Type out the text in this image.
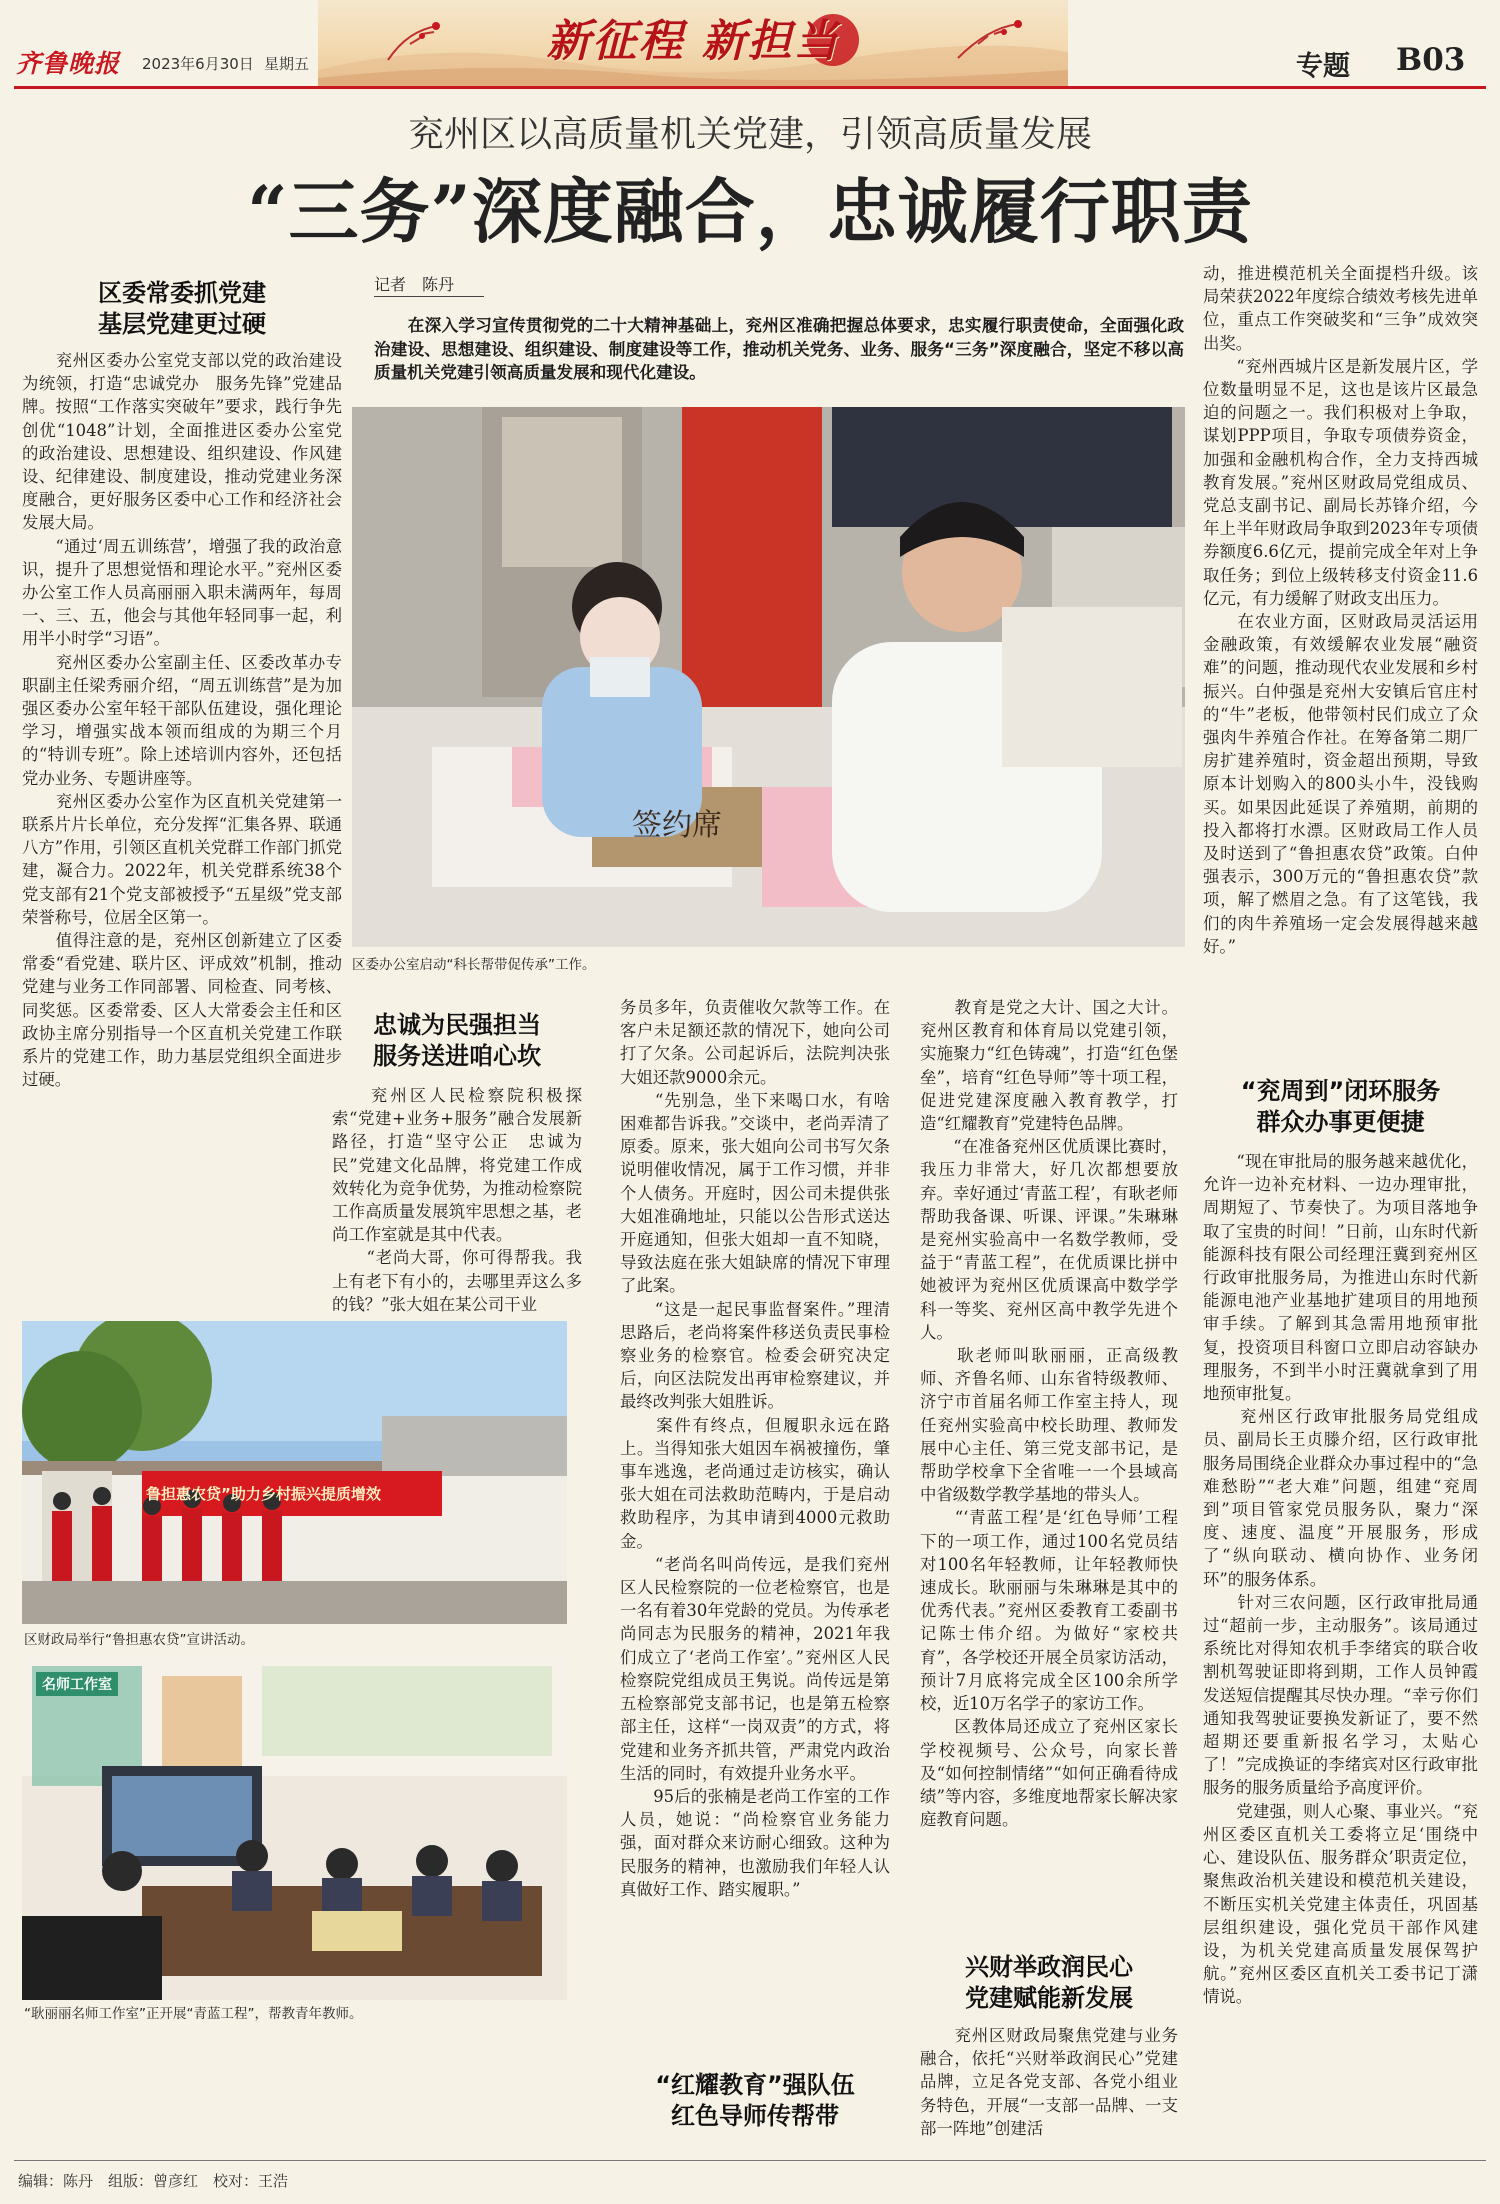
齐鲁晚报 2023年6月30日 星期五	新征程 新担当	专题 B03
兖州区以高质量机关党建，引领高质量发展
“三务”深度融合，忠诚履行职责
区委常委抓党建
基层党建更过硬
　　兖州区委办公室党支部以党的政治建设为统领，打造“忠诚党办　服务先锋”党建品牌。按照“工作落实突破年”要求，践行争先创优“1048”计划，全面推进区委办公室党的政治建设、思想建设、组织建设、作风建设、纪律建设、制度建设，推动党建业务深度融合，更好服务区委中心工作和经济社会发展大局。
　　“通过‘周五训练营’，增强了我的政治意识，提升了思想觉悟和理论水平。”兖州区委办公室工作人员高丽丽入职未满两年，每周一、三、五，他会与其他年轻同事一起，利用半小时学“习语”。
　　兖州区委办公室副主任、区委改革办专职副主任梁秀丽介绍，“周五训练营”是为加强区委办公室年轻干部队伍建设，强化理论学习，增强实战本领而组成的为期三个月的“特训专班”。除上述培训内容外，还包括党办业务、专题讲座等。
　　兖州区委办公室作为区直机关党建第一联系片片长单位，充分发挥“汇集各界、联通八方”作用，引领区直机关党群工作部门抓党建，凝合力。2022年，机关党群系统38个党支部有21个党支部被授予“五星级”党支部荣誉称号，位居全区第一。
　　值得注意的是，兖州区创新建立了区委常委“看党建、联片区、评成效”机制，推动党建与业务工作同部署、同检查、同考核、同奖惩。区委常委、区人大常委会主任和区政协主席分别指导一个区直机关党建工作联系片的党建工作，助力基层党组织全面进步过硬。
鲁担惠农贷”助力乡村振兴提质增效
区财政局举行“鲁担惠农贷”宣讲活动。
名师工作室
“耿丽丽名师工作室”正开展“青蓝工程”，帮教青年教师。
记者　陈丹
　　在深入学习宣传贯彻党的二十大精神基础上，兖州区准确把握总体要求，忠实履行职责使命，全面强化政治建设、思想建设、组织建设、制度建设等工作，推动机关党务、业务、服务“三务”深度融合，坚定不移以高质量机关党建引领高质量发展和现代化建设。
签约席
区委办公室启动“科长帮带促传承”工作。
忠诚为民强担当
服务送进咱心坎
　　兖州区人民检察院积极探索“党建+业务+服务”融合发展新路径，打造“坚守公正　忠诚为民”党建文化品牌，将党建工作成效转化为竞争优势，为推动检察院工作高质量发展筑牢思想之基，老尚工作室就是其中代表。
　　“老尚大哥，你可得帮我。我上有老下有小的，去哪里弄这么多的钱？”张大姐在某公司干业
务员多年，负责催收欠款等工作。在客户未足额还款的情况下，她向公司打了欠条。公司起诉后，法院判决张大姐还款9000余元。
　　“先别急，坐下来喝口水，有啥困难都告诉我。”交谈中，老尚弄清了原委。原来，张大姐向公司书写欠条说明催收情况，属于工作习惯，并非个人债务。开庭时，因公司未提供张大姐准确地址，只能以公告形式送达开庭通知，但张大姐却一直不知晓，导致法庭在张大姐缺席的情况下审理了此案。
　　“这是一起民事监督案件。”理清思路后，老尚将案件移送负责民事检察业务的检察官。检委会研究决定后，向区法院发出再审检察建议，并最终改判张大姐胜诉。
　　案件有终点，但履职永远在路上。当得知张大姐因车祸被撞伤，肇事车逃逸，老尚通过走访核实，确认张大姐在司法救助范畴内，于是启动救助程序，为其申请到4000元救助金。
　　“老尚名叫尚传远，是我们兖州区人民检察院的一位老检察官，也是一名有着30年党龄的党员。为传承老尚同志为民服务的精神，2021年我们成立了‘老尚工作室’。”兖州区人民检察院党组成员王隽说。尚传远是第五检察部党支部书记，也是第五检察部主任，这样“一岗双责”的方式，将党建和业务齐抓共管，严肃党内政治生活的同时，有效提升业务水平。
　　95后的张楠是老尚工作室的工作人员，她说：“尚检察官业务能力强，面对群众来访耐心细致。这种为民服务的精神，也激励我们年轻人认真做好工作、踏实履职。”
“红耀教育”强队伍
红色导师传帮带
　　教育是党之大计、国之大计。兖州区教育和体育局以党建引领，实施聚力“红色铸魂”，打造“红色堡垒”，培育“红色导师”等十项工程，促进党建深度融入教育教学，打造“红耀教育”党建特色品牌。
　　“在准备兖州区优质课比赛时，我压力非常大，好几次都想要放弃。幸好通过‘青蓝工程’，有耿老师帮助我备课、听课、评课。”朱琳琳是兖州实验高中一名数学教师，受益于“青蓝工程”，在优质课比拼中她被评为兖州区优质课高中数学学科一等奖、兖州区高中教学先进个人。
　　耿老师叫耿丽丽，正高级教师、齐鲁名师、山东省特级教师、济宁市首届名师工作室主持人，现任兖州实验高中校长助理、教师发展中心主任、第三党支部书记，是帮助学校拿下全省唯一一个县域高中省级数学教学基地的带头人。
　　“‘青蓝工程’是‘红色导师’工程下的一项工作，通过100名党员结对100名年轻教师，让年轻教师快速成长。耿丽丽与朱琳琳是其中的优秀代表。”兖州区委教育工委副书记陈士伟介绍。为做好“家校共育”，各学校还开展全员家访活动，预计7月底将完成全区100余所学校，近10万名学子的家访工作。
　　区教体局还成立了兖州区家长学校视频号、公众号，向家长普及“如何控制情绪”“如何正确看待成绩”等内容，多维度地帮家长解决家庭教育问题。
兴财举政润民心
党建赋能新发展
　　兖州区财政局聚焦党建与业务融合，依托“兴财举政润民心”党建品牌，立足各党支部、各党小组业务特色，开展“一支部一品牌、一支部一阵地”创建活
动，推进模范机关全面提档升级。该局荣获2022年度综合绩效考核先进单位，重点工作突破奖和“三争”成效突出奖。
　　“兖州西城片区是新发展片区，学位数量明显不足，这也是该片区最急迫的问题之一。我们积极对上争取，谋划PPP项目，争取专项债券资金，加强和金融机构合作，全力支持西城教育发展。”兖州区财政局党组成员、党总支副书记、副局长苏锋介绍，今年上半年财政局争取到2023年专项债券额度6.6亿元，提前完成全年对上争取任务；到位上级转移支付资金11.6亿元，有力缓解了财政支出压力。
　　在农业方面，区财政局灵活运用金融政策，有效缓解农业发展“融资难”的问题，推动现代农业发展和乡村振兴。白仲强是兖州大安镇后官庄村的“牛”老板，他带领村民们成立了众强肉牛养殖合作社。在筹备第二期厂房扩建养殖时，资金超出预期，导致原本计划购入的800头小牛，没钱购买。如果因此延误了养殖期，前期的投入都将打水漂。区财政局工作人员及时送到了“鲁担惠农贷”政策。白仲强表示，300万元的“鲁担惠农贷”款项，解了燃眉之急。有了这笔钱，我们的肉牛养殖场一定会发展得越来越好。”
“兖周到”闭环服务
群众办事更便捷
　　“现在审批局的服务越来越优化，允许一边补充材料、一边办理审批，周期短了、节奏快了。为项目落地争取了宝贵的时间！”日前，山东时代新能源科技有限公司经理汪冀到兖州区行政审批服务局，为推进山东时代新能源电池产业基地扩建项目的用地预审手续。了解到其急需用地预审批复，投资项目科窗口立即启动容缺办理服务，不到半小时汪冀就拿到了用地预审批复。
　　兖州区行政审批服务局党组成员、副局长王贞滕介绍，区行政审批服务局围绕企业群众办事过程中的“急难愁盼”“老大难”问题，组建“兖周到”项目管家党员服务队，聚力“深度、速度、温度”开展服务，形成了“纵向联动、横向协作、业务闭环”的服务体系。
　　针对三农问题，区行政审批局通过“超前一步，主动服务”。该局通过系统比对得知农机手李绪宾的联合收割机驾驶证即将到期，工作人员钟霞发送短信提醒其尽快办理。“幸亏你们通知我驾驶证要换发新证了，要不然超期还要重新报名学习，太贴心了！”完成换证的李绪宾对区行政审批服务的服务质量给予高度评价。
　　党建强，则人心聚、事业兴。“兖州区委区直机关工委将立足‘围绕中心、建设队伍、服务群众’职责定位，聚焦政治机关建设和模范机关建设，不断压实机关党建主体责任，巩固基层组织建设，强化党员干部作风建设，为机关党建高质量发展保驾护航。”兖州区委区直机关工委书记丁潇情说。
编辑：陈丹　组版：曾彦红　校对：王浩
